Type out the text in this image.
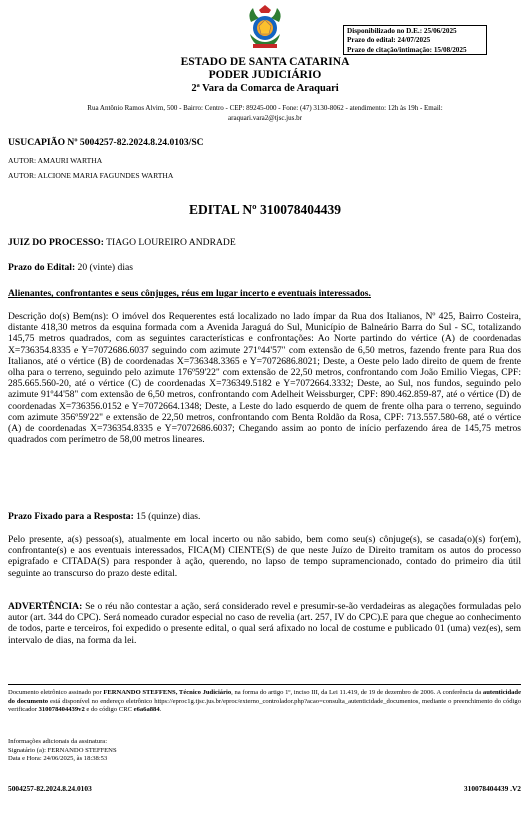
Disponibilizado no D.E.: 25/06/2025
Prazo do edital: 24/07/2025
Prazo de citação/intimação: 15/08/2025
ESTADO DE SANTA CATARINA
PODER JUDICIÁRIO
2ª Vara da Comarca de Araquari
Rua Antônio Ramos Alvim, 500 - Bairro: Centro - CEP: 89245-000 - Fone: (47) 3130-8062 - atendimento: 12h às 19h - Email:
araquari.vara2@tjsc.jus.br
USUCAPIÃO Nº 5004257-82.2024.8.24.0103/SC
AUTOR: AMAURI WARTHA
AUTOR: ALCIONE MARIA FAGUNDES WARTHA
EDITAL Nº 310078404439
JUIZ DO PROCESSO: TIAGO LOUREIRO ANDRADE
Prazo do Edital: 20 (vinte) dias
Alienantes, confrontantes e seus cônjuges, réus em lugar incerto e eventuais interessados.
Descrição do(s) Bem(ns): O imóvel dos Requerentes está localizado no lado ímpar da Rua dos Italianos, Nº 425, Bairro Costeira, distante 418,30 metros da esquina formada com a Avenida Jaraguá do Sul, Município de Balneário Barra do Sul - SC, totalizando 145,75 metros quadrados, com as seguintes características e confrontações: Ao Norte partindo do vértice (A) de coordenadas X=736354.8335 e Y=7072686.6037 seguindo com azimute 271º44'57" com extensão de 6,50 metros, fazendo frente para Rua dos Italianos, até o vértice (B) de coordenadas X=736348.3365 e Y=7072686.8021; Deste, a Oeste pelo lado direito de quem de frente olha para o terreno, seguindo pelo azimute 176º59'22" com extensão de 22,50 metros, confrontando com João Emilio Viegas, CPF: 285.665.560-20, até o vértice (C) de coordenadas X=736349.5182 e Y=7072664.3332; Deste, ao Sul, nos fundos, seguindo pelo azimute 91º44'58" com extensão de 6,50 metros, confrontando com Adelheit Weissburger, CPF: 890.462.859-87, até o vértice (D) de coordenadas X=736356.0152 e Y=7072664.1348; Deste, a Leste do lado esquerdo de quem de frente olha para o terreno, seguindo com azimute 356º59'22" e extensão de 22,50 metros, confrontando com Benta Roldão da Rosa, CPF: 713.557.580-68, até o vértice (A) de coordenadas X=736354.8335 e Y=7072686.6037; Chegando assim ao ponto de início perfazendo área de 145,75 metros quadrados com perímetro de 58,00 metros lineares.
Prazo Fixado para a Resposta: 15 (quinze) dias.
Pelo presente, a(s) pessoa(s), atualmente em local incerto ou não sabido, bem como seu(s) cônjuge(s), se casada(o)(s) for(em), confrontante(s) e aos eventuais interessados, FICA(M) CIENTE(S) de que neste Juízo de Direito tramitam os autos do processo epigrafado e CITADA(S) para responder à ação, querendo, no lapso de tempo supramencionado, contado do primeiro dia útil seguinte ao transcurso do prazo deste edital.
ADVERTÊNCIA: Se o réu não contestar a ação, será considerado revel e presumir-se-ão verdadeiras as alegações formuladas pelo autor (art. 344 do CPC). Será nomeado curador especial no caso de revelia (art. 257, IV do CPC).E para que chegue ao conhecimento de todos, parte e terceiros, foi expedido o presente edital, o qual será afixado no local de costume e publicado 01 (uma) vez(es), sem intervalo de dias, na forma da lei.
Documento eletrônico assinado por FERNANDO STEFFENS, Técnico Judiciário, na forma do artigo 1º, inciso III, da Lei 11.419, de 19 de dezembro de 2006. A conferência da autenticidade do documento está disponível no endereço eletrônico https://eproc1g.tjsc.jus.br/eproc/externo_controlador.php?acao=consulta_autenticidade_documentos, mediante o preenchimento do código verificador 310078404439v2 e do código CRC e6a6a884.
Informações adicionais da assinatura:
Signatário (a): FERNANDO STEFFENS
Data e Hora: 24/06/2025, às 18:38:53
5004257-82.2024.8.24.0103	310078404439 .V2
